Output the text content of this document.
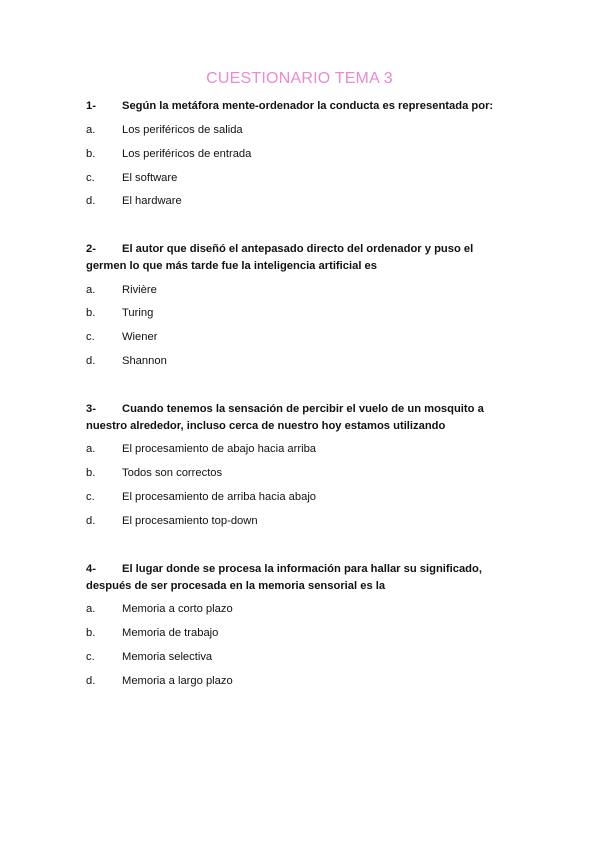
CUESTIONARIO TEMA 3
1- Según la metáfora mente-ordenador la conducta es representada por:
a. Los periféricos de salida
b. Los periféricos de entrada
c. El software
d. El hardware
2- El autor que diseñó el antepasado directo del ordenador y puso el germen lo que más tarde fue la inteligencia artificial es
a. Rivière
b. Turing
c. Wiener
d. Shannon
3- Cuando tenemos la sensación de percibir el vuelo de un mosquito a nuestro alrededor, incluso cerca de nuestro hoy estamos utilizando
a. El procesamiento de abajo hacia arriba
b. Todos son correctos
c. El procesamiento de arriba hacia abajo
d. El procesamiento top-down
4- El lugar donde se procesa la información para hallar su significado, después de ser procesada en la memoria sensorial es la
a. Memoria a corto plazo
b. Memoria de trabajo
c. Memoria selectiva
d. Memoria a largo plazo
